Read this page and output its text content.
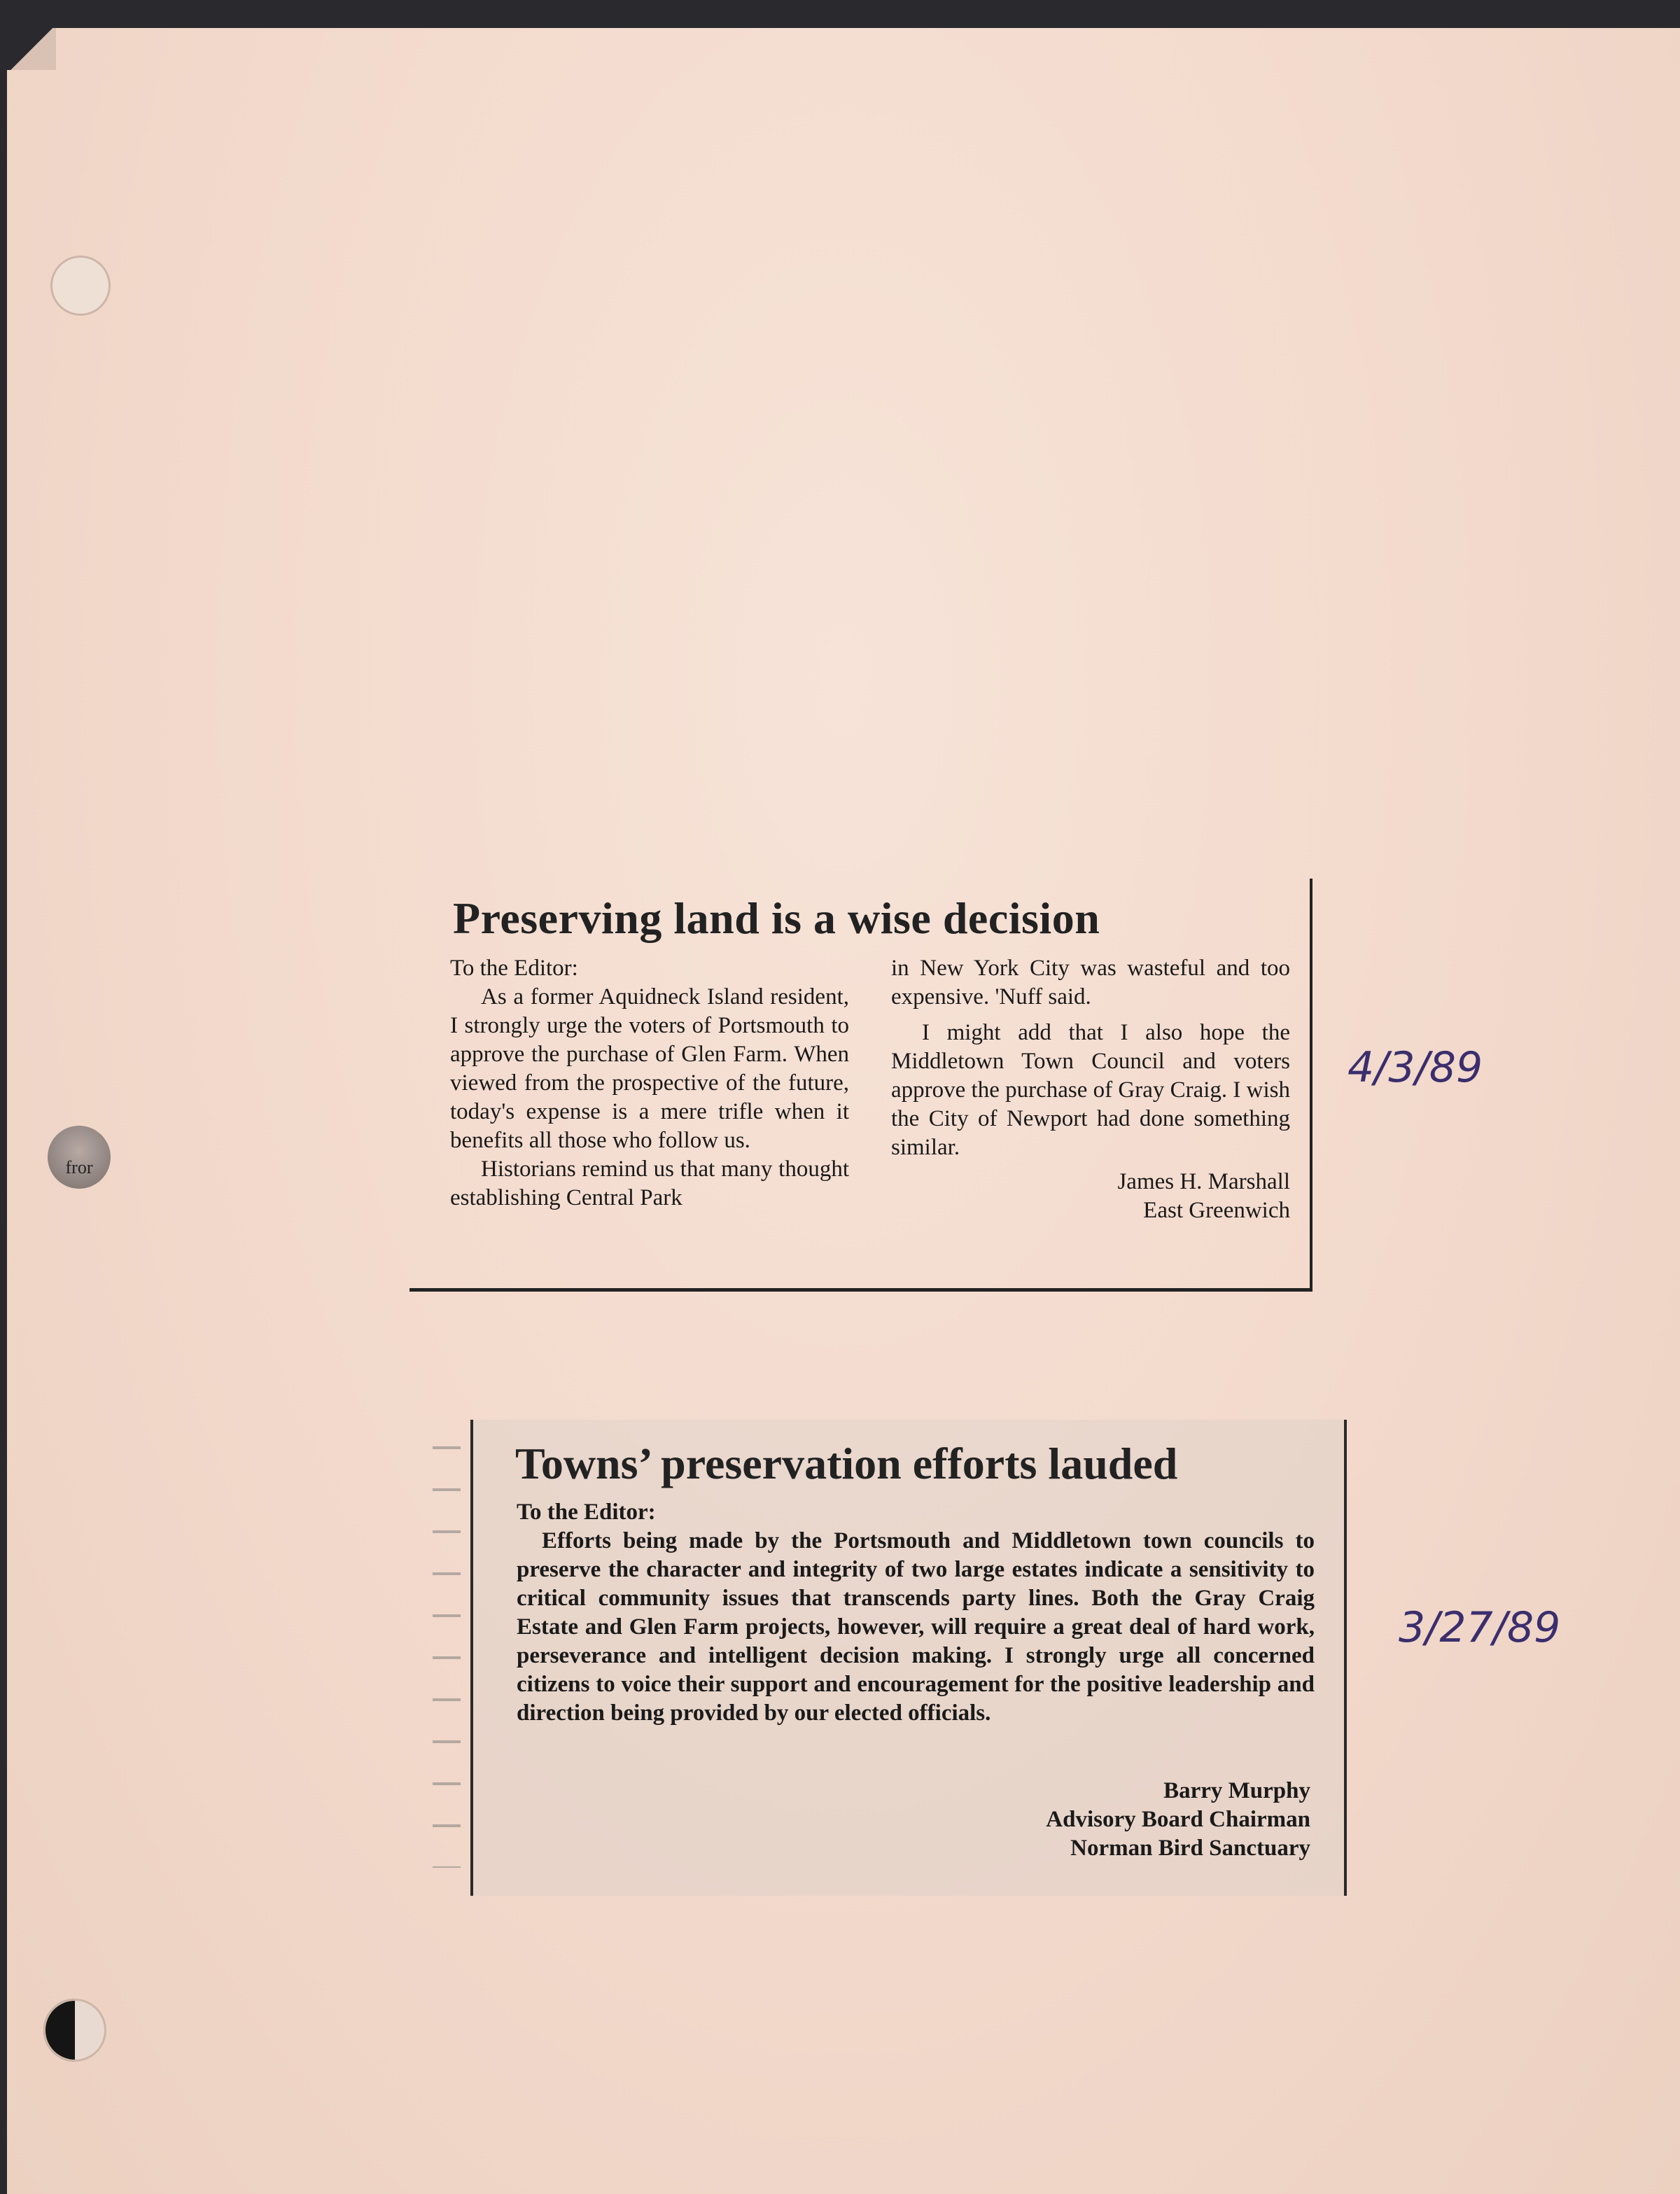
fror
Preserving land is a wise decision

To the Editor:

As a former Aquidneck Island resident, I strongly urge the voters of Portsmouth to approve the purchase of Glen Farm. When viewed from the prospective of the future, today's expense is a mere trifle when it benefits all those who follow us.

Historians remind us that many thought establishing Central Park

in New York City was wasteful and too expensive. 'Nuff said.

I might add that I also hope the Middletown Town Council and voters approve the purchase of Gray Craig. I wish the City of Newport had done something similar.

James H. Marshall
East Greenwich
Towns’ preservation efforts lauded

To the Editor:

Efforts being made by the Portsmouth and Middletown town councils to preserve the character and integrity of two large estates indicate a sensitivity to critical community issues that transcends party lines. Both the Gray Craig Estate and Glen Farm projects, however, will require a great deal of hard work, perseverance and intelligent decision making. I strongly urge all concerned citizens to voice their support and encouragement for the positive leadership and direction being provided by our elected officials.

Barry Murphy
Advisory Board Chairman
Norman Bird Sanctuary
4/3/89
3/27/89
